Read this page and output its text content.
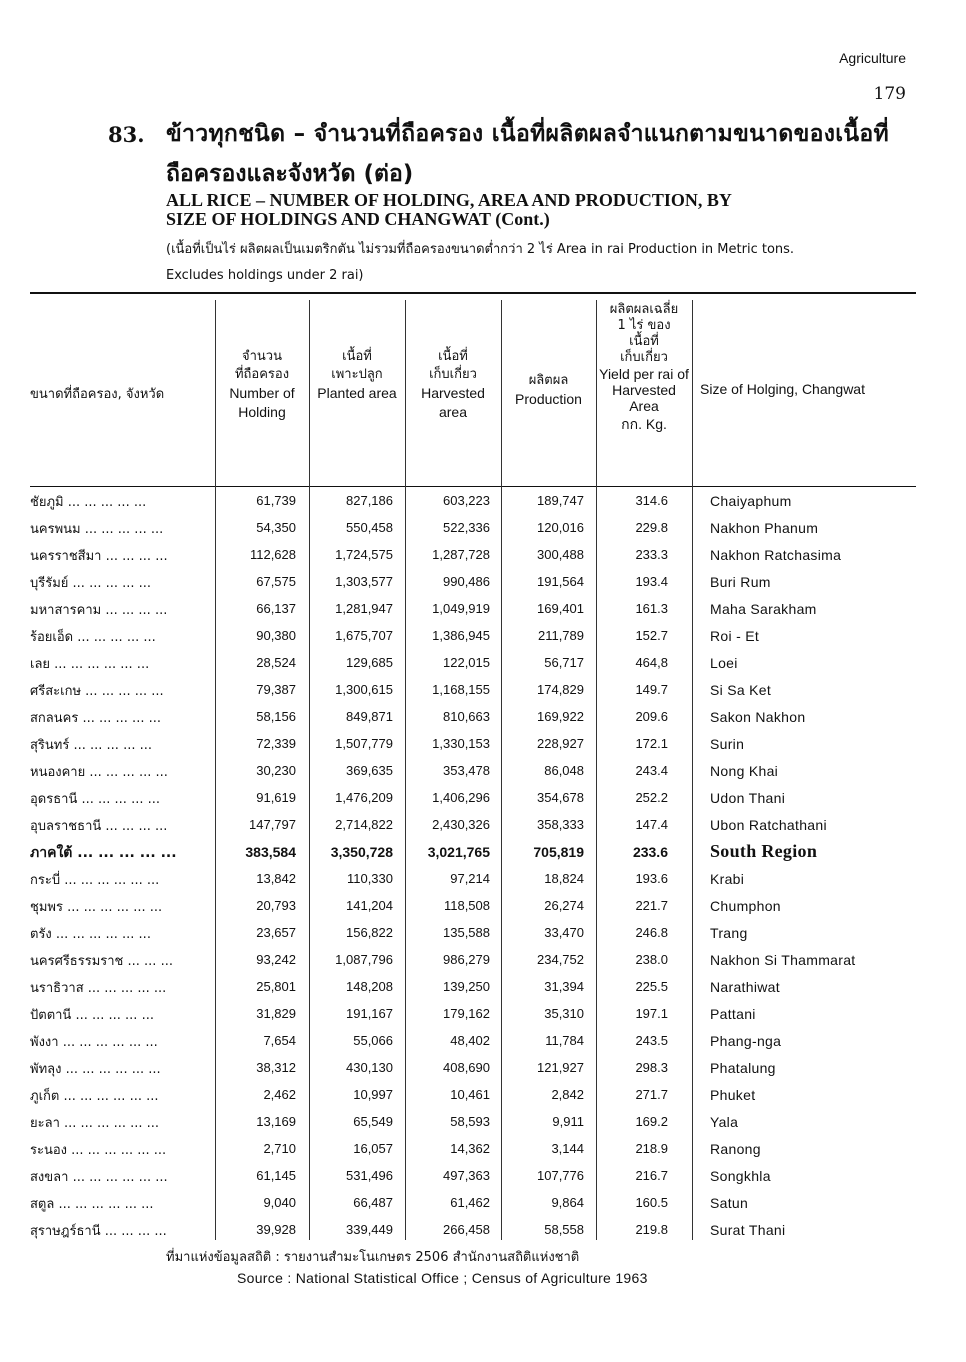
Agriculture
179
83. ข้าวทุกชนิด – จำนวนที่ถือครอง เนื้อที่ผลิตผลจำแนกตามขนาดของเนื้อที่
ถือครองและจังหวัด (ต่อ)
ALL RICE – NUMBER OF HOLDING, AREA AND PRODUCTION, BY
SIZE OF HOLDINGS AND CHANGWAT (Cont.)
(เนื้อที่เป็นไร่ ผลิตผลเป็นเมตริกตัน ไม่รวมที่ถือครองขนาดต่ำกว่า 2 ไร่ Area in rai Production in Metric tons.
Excludes holdings under 2 rai)
ขนาดที่ถือครอง, จังหวัด
จำนวน
ที่ถือครอง
Number of Holding
เนื้อที่
เพาะปลูก
Planted area
เนื้อที่
เก็บเกี่ยว
Harvested area
ผลิตผล
Production
ผลิตผลเฉลี่ย
1 ไร่ ของ
เนื้อที่
เก็บเกี่ยว
Yield per rai of Harvested Area
กก. Kg.
Size of Holging, Changwat
ชัยภูมิ ... ... ... ... ...	61,739	827,186	603,223	189,747	314.6	Chaiyaphum
นครพนม ... ... ... ... ...	54,350	550,458	522,336	120,016	229.8	Nakhon Phanum
นครราชสีมา ... ... ... ...	112,628	1,724,575	1,287,728	300,488	233.3	Nakhon Ratchasima
บุรีรัมย์ ... ... ... ... ...	67,575	1,303,577	990,486	191,564	193.4	Buri Rum
มหาสารคาม ... ... ... ...	66,137	1,281,947	1,049,919	169,401	161.3	Maha Sarakham
ร้อยเอ็ด ... ... ... ... ...	90,380	1,675,707	1,386,945	211,789	152.7	Roi - Et
เลย ... ... ... ... ... ...	28,524	129,685	122,015	56,717	464,8	Loei
ศรีสะเกษ ... ... ... ... ...	79,387	1,300,615	1,168,155	174,829	149.7	Si Sa Ket
สกลนคร ... ... ... ... ...	58,156	849,871	810,663	169,922	209.6	Sakon Nakhon
สุรินทร์ ... ... ... ... ...	72,339	1,507,779	1,330,153	228,927	172.1	Surin
หนองคาย ... ... ... ... ...	30,230	369,635	353,478	86,048	243.4	Nong Khai
อุดรธานี ... ... ... ... ...	91,619	1,476,209	1,406,296	354,678	252.2	Udon Thani
อุบลราชธานี ... ... ... ...	147,797	2,714,822	2,430,326	358,333	147.4	Ubon Ratchathani
ภาคใต้ ... ... ... ... ...	383,584	3,350,728	3,021,765	705,819	233.6 South Region
กระบี่ ... ... ... ... ... ...	13,842	110,330	97,214	18,824	193.6	Krabi
ชุมพร ... ... ... ... ... ...	20,793	141,204	118,508	26,274	221.7	Chumphon
ตรัง ... ... ... ... ... ...	23,657	156,822	135,588	33,470	246.8	Trang
นครศรีธรรมราช ... ... ...	93,242	1,087,796	986,279	234,752	238.0	Nakhon Si Thammarat
นราธิวาส ... ... ... ... ...	25,801	148,208	139,250	31,394	225.5	Narathiwat
ปัตตานี ... ... ... ... ...	31,829	191,167	179,162	35,310	197.1	Pattani
พังงา ... ... ... ... ... ...	7,654	55,066	48,402	11,784	243.5	Phang-nga
พัทลุง ... ... ... ... ... ...	38,312	430,130	408,690	121,927	298.3	Phatalung
ภูเก็ต ... ... ... ... ... ...	2,462	10,997	10,461	2,842	271.7	Phuket
ยะลา ... ... ... ... ... ...	13,169	65,549	58,593	9,911	169.2	Yala
ระนอง ... ... ... ... ... ...	2,710	16,057	14,362	3,144	218.9	Ranong
สงขลา ... ... ... ... ... ...	61,145	531,496	497,363	107,776	216.7	Songkhla
สตูล ... ... ... ... ... ...	9,040	66,487	61,462	9,864	160.5	Satun
สุราษฎร์ธานี ... ... ... ...	39,928	339,449	266,458	58,558	219.8	Surat Thani
ที่มาแห่งข้อมูลสถิติ : รายงานสำมะโนเกษตร 2506 สำนักงานสถิติแห่งชาติ
Source : National Statistical Office ; Census of Agriculture 1963
